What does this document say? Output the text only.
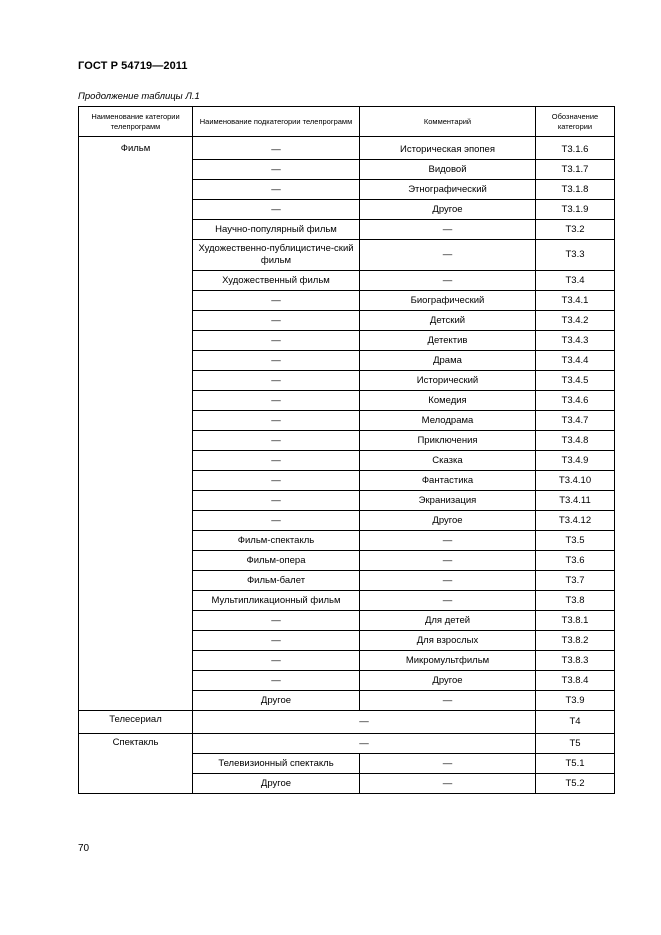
ГОСТ Р 54719—2011
Продолжение таблицы Л.1
Наименование категории телепрограмм	Наименование подкатегории телепрограмм	Комментарий	Обозначение категории

Фильм	—	Историческая эпопея	Т3.1.6
	—	Видовой	Т3.1.7
	—	Этнографический	Т3.1.8
	—	Другое	Т3.1.9
	Научно-популярный фильм	—	Т3.2
	Художественно-публицистиче-ский фильм	—	Т3.3
	Художественный фильм	—	Т3.4
	—	Биографический	Т3.4.1
	—	Детский	Т3.4.2
	—	Детектив	Т3.4.3
	—	Драма	Т3.4.4
	—	Исторический	Т3.4.5
	—	Комедия	Т3.4.6
	—	Мелодрама	Т3.4.7
	—	Приключения	Т3.4.8
	—	Сказка	Т3.4.9
	—	Фантастика	Т3.4.10
	—	Экранизация	Т3.4.11
	—	Другое	Т3.4.12
	Фильм-спектакль	—	Т3.5
	Фильм-опера	—	Т3.6
	Фильм-балет	—	Т3.7
	Мультипликационный фильм	—	Т3.8
	—	Для детей	Т3.8.1
	—	Для взрослых	Т3.8.2
	—	Микромультфильм	Т3.8.3
	—	Другое	Т3.8.4
	Другое	—	Т3.9
Телесериал	—		Т4
Спектакль	—		Т5
	Телевизионный спектакль	—	Т5.1
	Другое	—	Т5.2
70
